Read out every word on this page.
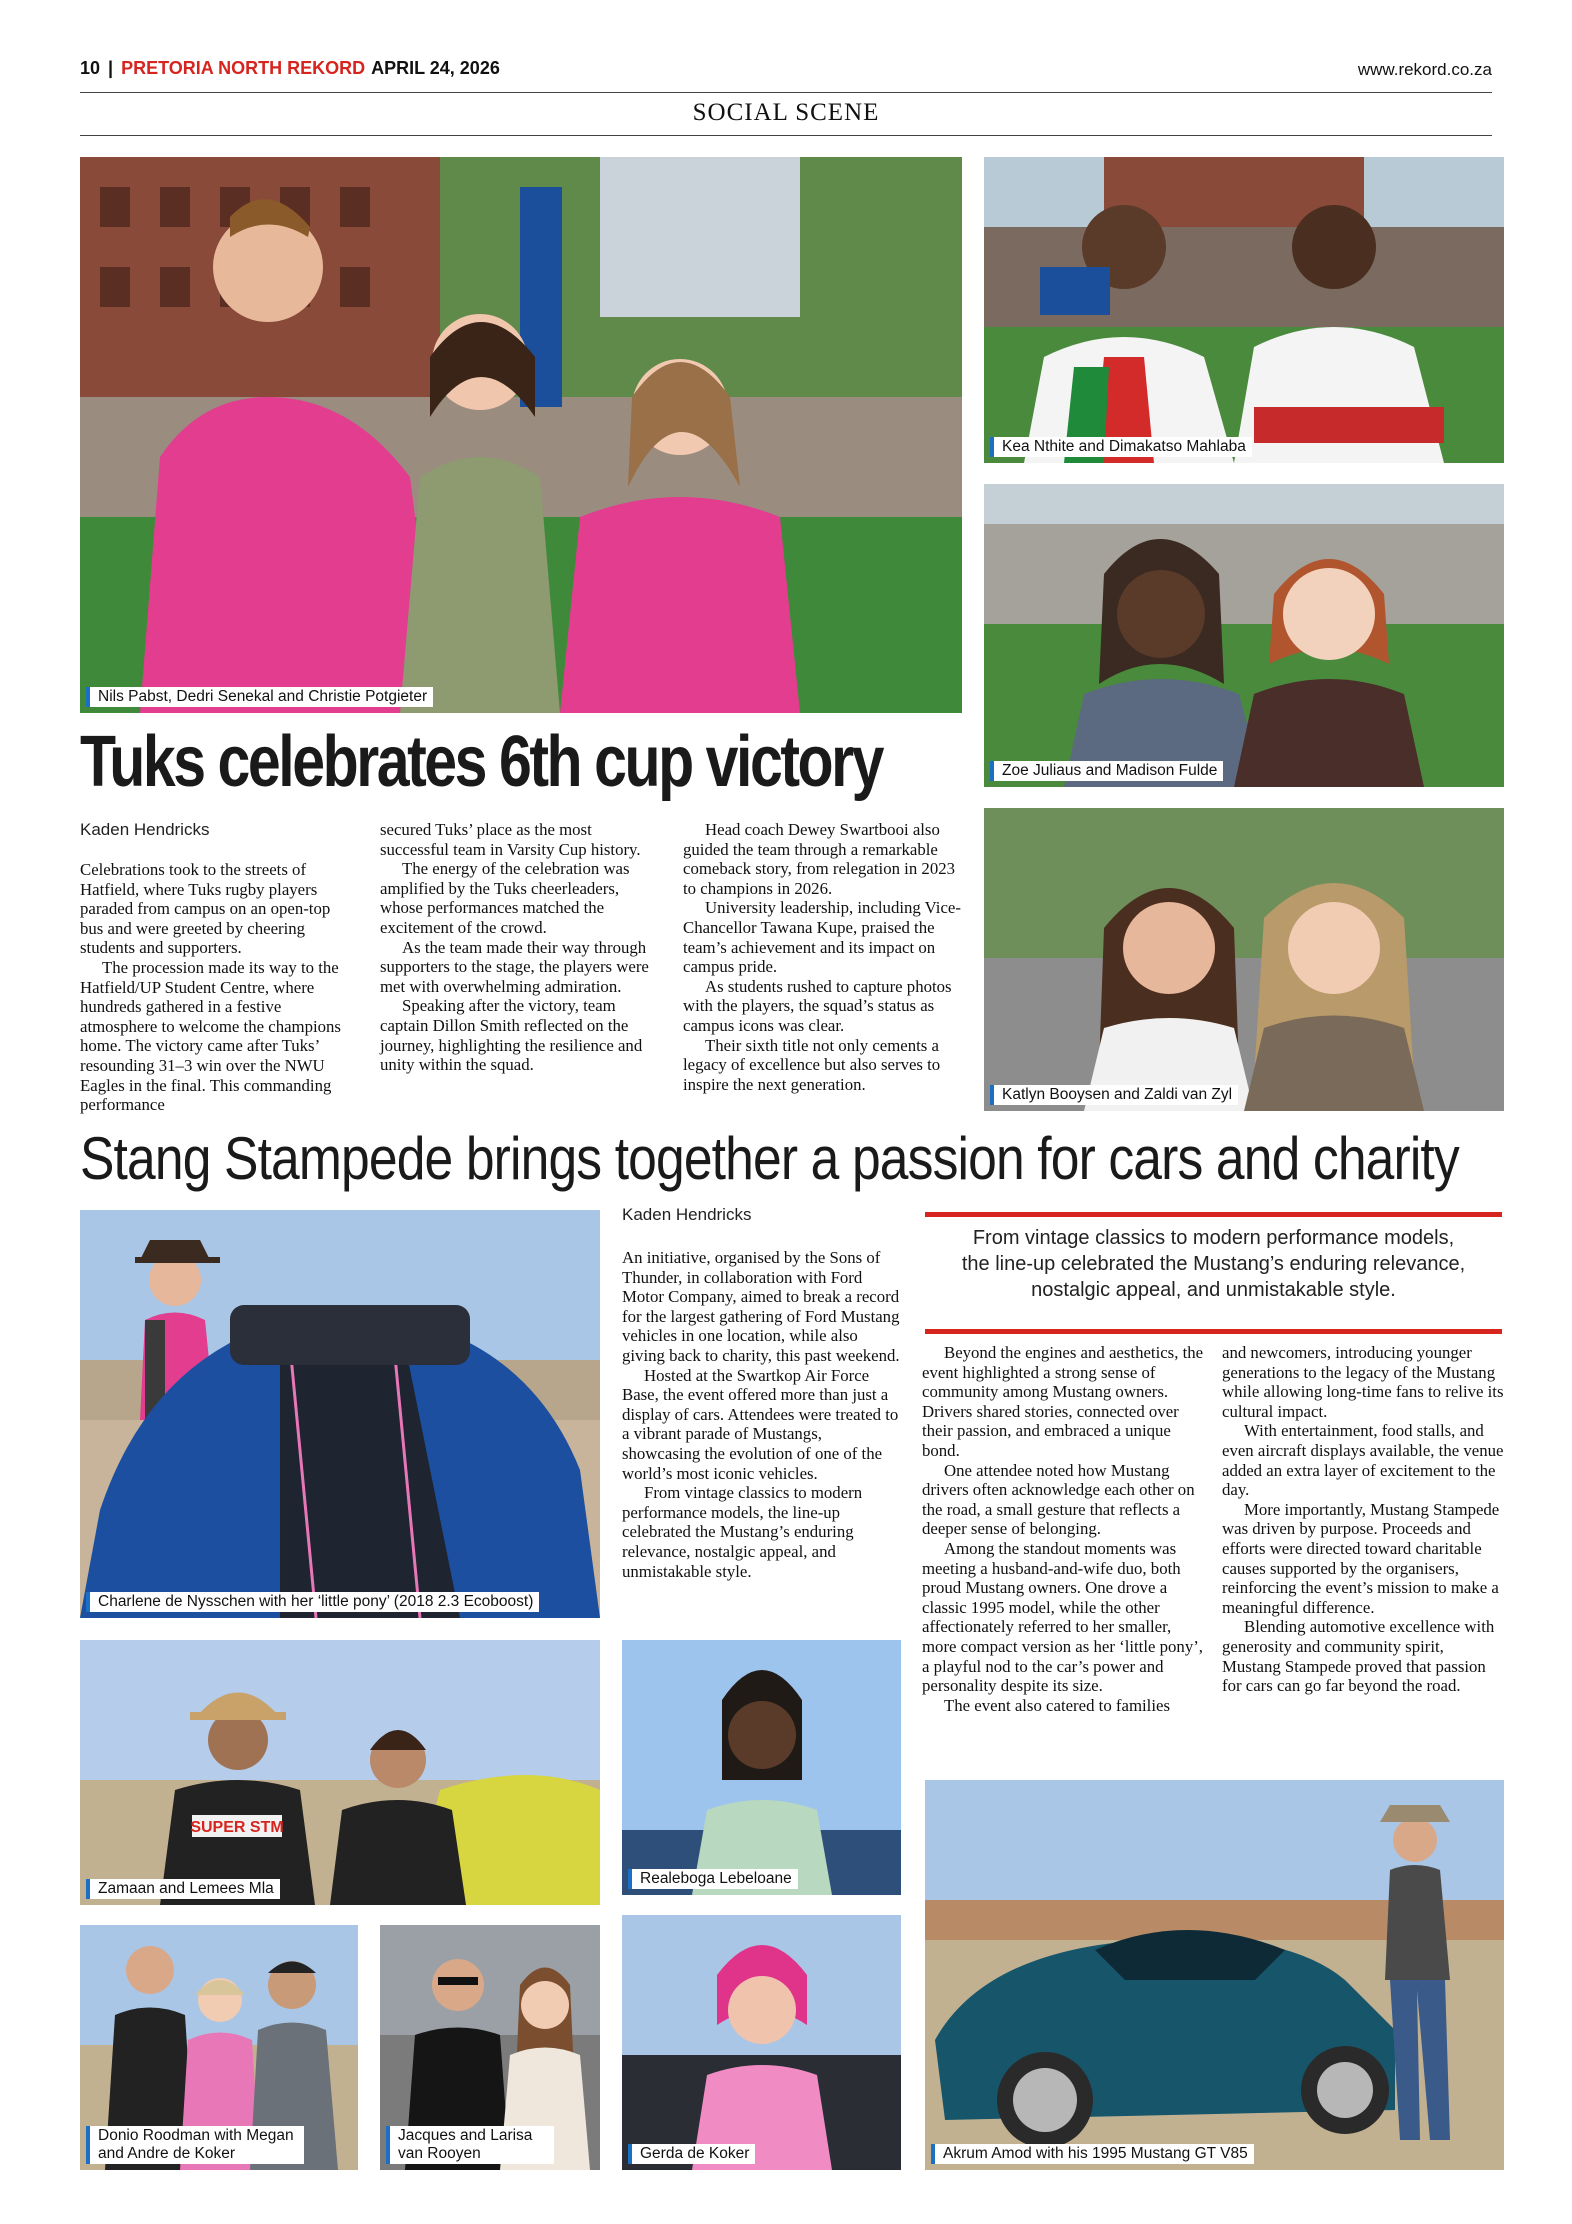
10 | PRETORIA NORTH REKORD APRIL 24, 2026	www.rekord.co.za
SOCIAL SCENE
Nils Pabst, Dedri Senekal and Christie Potgieter
Kea Nthite and Dimakatso Mahlaba
Zoe Juliaus and Madison Fulde
Katlyn Booysen and Zaldi van Zyl
Tuks celebrates 6th cup victory
Kaden Hendricks

Celebrations took to the streets of Hatfield, where Tuks rugby players paraded from campus on an open-top bus and were greeted by cheering students and supporters.

The procession made its way to the Hatfield/UP Student Centre, where hundreds gathered in a festive atmosphere to welcome the champions home. The victory came after Tuks’ resounding 31–3 win over the NWU Eagles in the final. This commanding performance

secured Tuks’ place as the most successful team in Varsity Cup history.

The energy of the celebration was amplified by the Tuks cheerleaders, whose performances matched the excitement of the crowd.

As the team made their way through supporters to the stage, the players were met with overwhelming admiration.

Speaking after the victory, team captain Dillon Smith reflected on the journey, highlighting the resilience and unity within the squad.

Head coach Dewey Swartbooi also guided the team through a remarkable comeback story, from relegation in 2023 to champions in 2026.

University leadership, including Vice-Chancellor Tawana Kupe, praised the team’s achievement and its impact on campus pride.

As students rushed to capture photos with the players, the squad’s status as campus icons was clear.

Their sixth title not only cements a legacy of excellence but also serves to inspire the next generation.

Stang Stampede brings together a passion for cars and charity
Charlene de Nysschen with her ‘little pony’ (2018 2.3 Ecoboost)
SUPER STM
Zamaan and Lemees Mla
Realeboga Lebeloane
Donio Roodman with Megan and Andre de Koker
Jacques and Larisa van Rooyen	Gerda de Koker	Akrum Amod with his 1995 Mustang GT V85
Kaden Hendricks

An initiative, organised by the Sons of Thunder, in collaboration with Ford Motor Company, aimed to break a record for the largest gathering of Ford Mustang vehicles in one location, while also giving back to charity, this past weekend.

Hosted at the Swartkop Air Force Base, the event offered more than just a display of cars. Attendees were treated to a vibrant parade of Mustangs, showcasing the evolution of one of the world’s most iconic vehicles.

From vintage classics to modern performance models, the line-up celebrated the Mustang’s enduring relevance, nostalgic appeal, and unmistakable style.

From vintage classics to modern performance models, the line-up celebrated the Mustang’s enduring relevance, nostalgic appeal, and unmistakable style.

Beyond the engines and aesthetics, the event highlighted a strong sense of community among Mustang owners. Drivers shared stories, connected over their passion, and embraced a unique bond.

One attendee noted how Mustang drivers often acknowledge each other on the road, a small gesture that reflects a deeper sense of belonging.

Among the standout moments was meeting a husband-and-wife duo, both proud Mustang owners. One drove a classic 1995 model, while the other affectionately referred to her smaller, more compact version as her ‘little pony’, a playful nod to the car’s power and personality despite its size.

The event also catered to families

and newcomers, introducing younger generations to the legacy of the Mustang while allowing long-time fans to relive its cultural impact.

With entertainment, food stalls, and even aircraft displays available, the venue added an extra layer of excitement to the day.

More importantly, Mustang Stampede was driven by purpose. Proceeds and efforts were directed toward charitable causes supported by the organisers, reinforcing the event’s mission to make a meaningful difference.

Blending automotive excellence with generosity and community spirit, Mustang Stampede proved that passion for cars can go far beyond the road.
